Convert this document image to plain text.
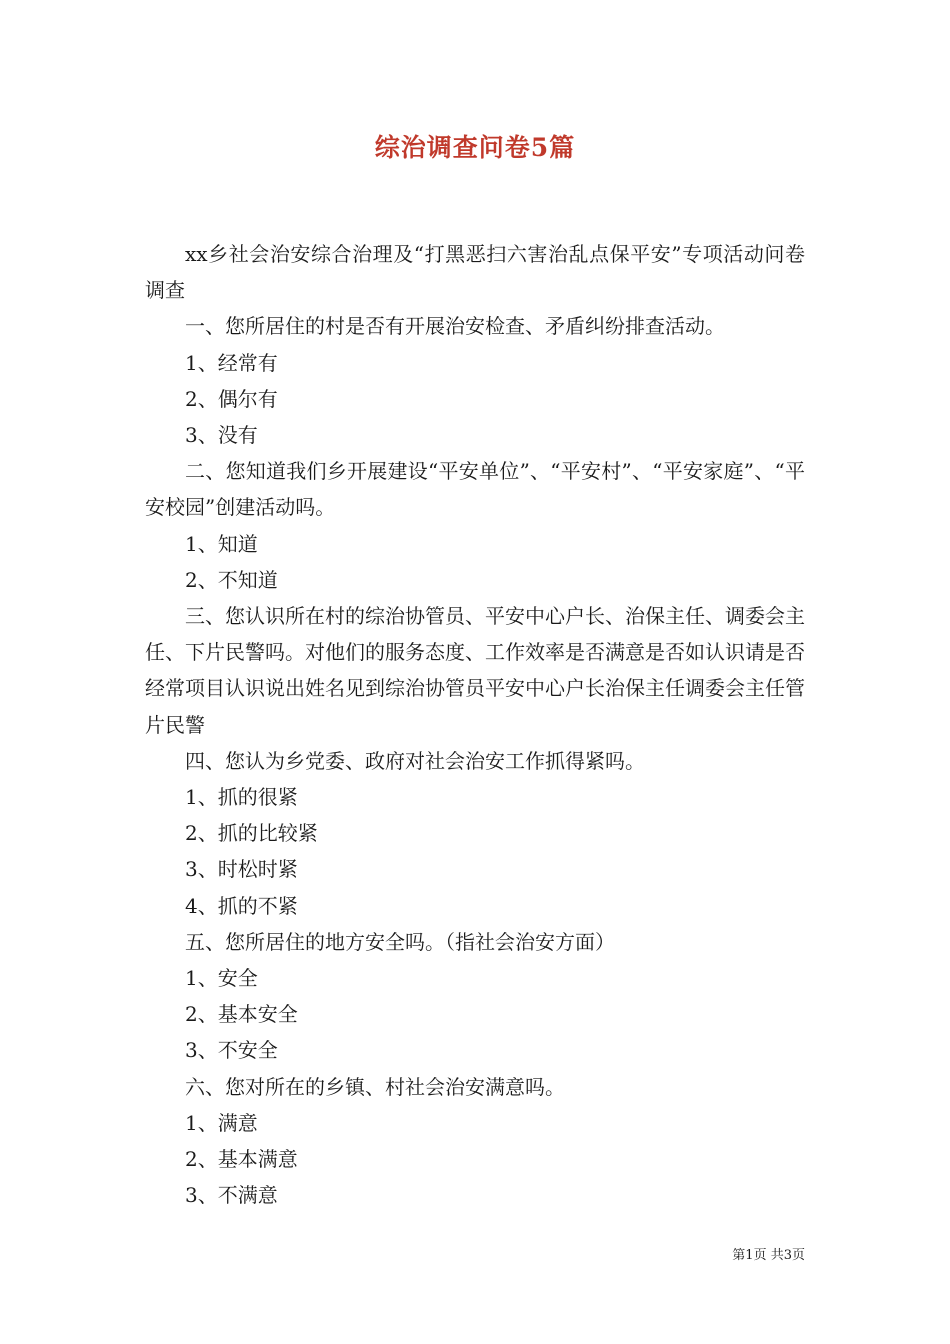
综治调查问卷5篇

xx乡社会治安综合治理及“打黑恶扫六害治乱点保平安”专项活动问卷调查

一、您所居住的村是否有开展治安检查、矛盾纠纷排查活动。

1、经常有

2、偶尔有

3、没有

二、您知道我们乡开展建设“平安单位”、“平安村”、“平安家庭”、“平安校园”创建活动吗。

1、知道

2、不知道

三、您认识所在村的综治协管员、平安中心户长、治保主任、调委会主任、下片民警吗。对他们的服务态度、工作效率是否满意是否如认识请是否经常项目认识说出姓名见到综治协管员平安中心户长治保主任调委会主任管片民警

四、您认为乡党委、政府对社会治安工作抓得紧吗。

1、抓的很紧

2、抓的比较紧

3、时松时紧

4、抓的不紧

五、您所居住的地方安全吗。（指社会治安方面）

1、安全

2、基本安全

3、不安全

六、您对所在的乡镇、村社会治安满意吗。

1、满意

2、基本满意

3、不满意

第1页 共3页
